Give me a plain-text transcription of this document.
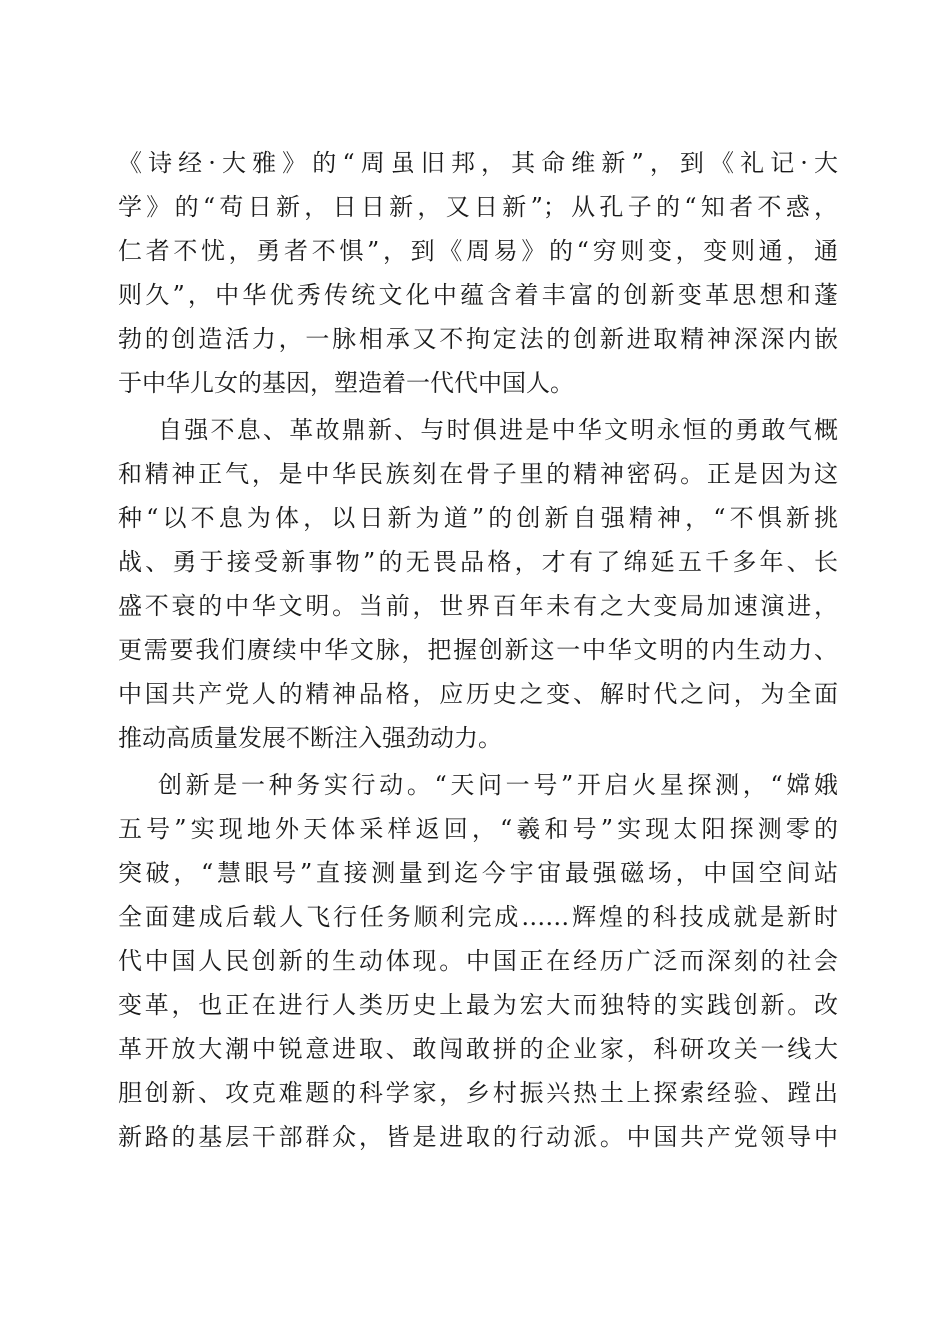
《诗经·大雅》的“周虽旧邦，其命维新”，到《礼记·大
学》的“苟日新，日日新，又日新”；从孔子的“知者不惑，
仁者不忧，勇者不惧”，到《周易》的“穷则变，变则通，通
则久”，中华优秀传统文化中蕴含着丰富的创新变革思想和蓬
勃的创造活力，一脉相承又不拘定法的创新进取精神深深内嵌
于中华儿女的基因，塑造着一代代中国人。
自强不息、革故鼎新、与时俱进是中华文明永恒的勇敢气概
和精神正气，是中华民族刻在骨子里的精神密码。正是因为这
种“以不息为体，以日新为道”的创新自强精神，“不惧新挑
战、勇于接受新事物”的无畏品格，才有了绵延五千多年、长
盛不衰的中华文明。当前，世界百年未有之大变局加速演进，
更需要我们赓续中华文脉，把握创新这一中华文明的内生动力、
中国共产党人的精神品格，应历史之变、解时代之问，为全面
推动高质量发展不断注入强劲动力。
创新是一种务实行动。“天问一号”开启火星探测，“嫦娥
五号”实现地外天体采样返回，“羲和号”实现太阳探测零的
突破，“慧眼号”直接测量到迄今宇宙最强磁场，中国空间站
全面建成后载人飞行任务顺利完成……辉煌的科技成就是新时
代中国人民创新的生动体现。中国正在经历广泛而深刻的社会
变革，也正在进行人类历史上最为宏大而独特的实践创新。改
革开放大潮中锐意进取、敢闯敢拼的企业家，科研攻关一线大
胆创新、攻克难题的科学家，乡村振兴热土上探索经验、蹚出
新路的基层干部群众，皆是进取的行动派。中国共产党领导中
